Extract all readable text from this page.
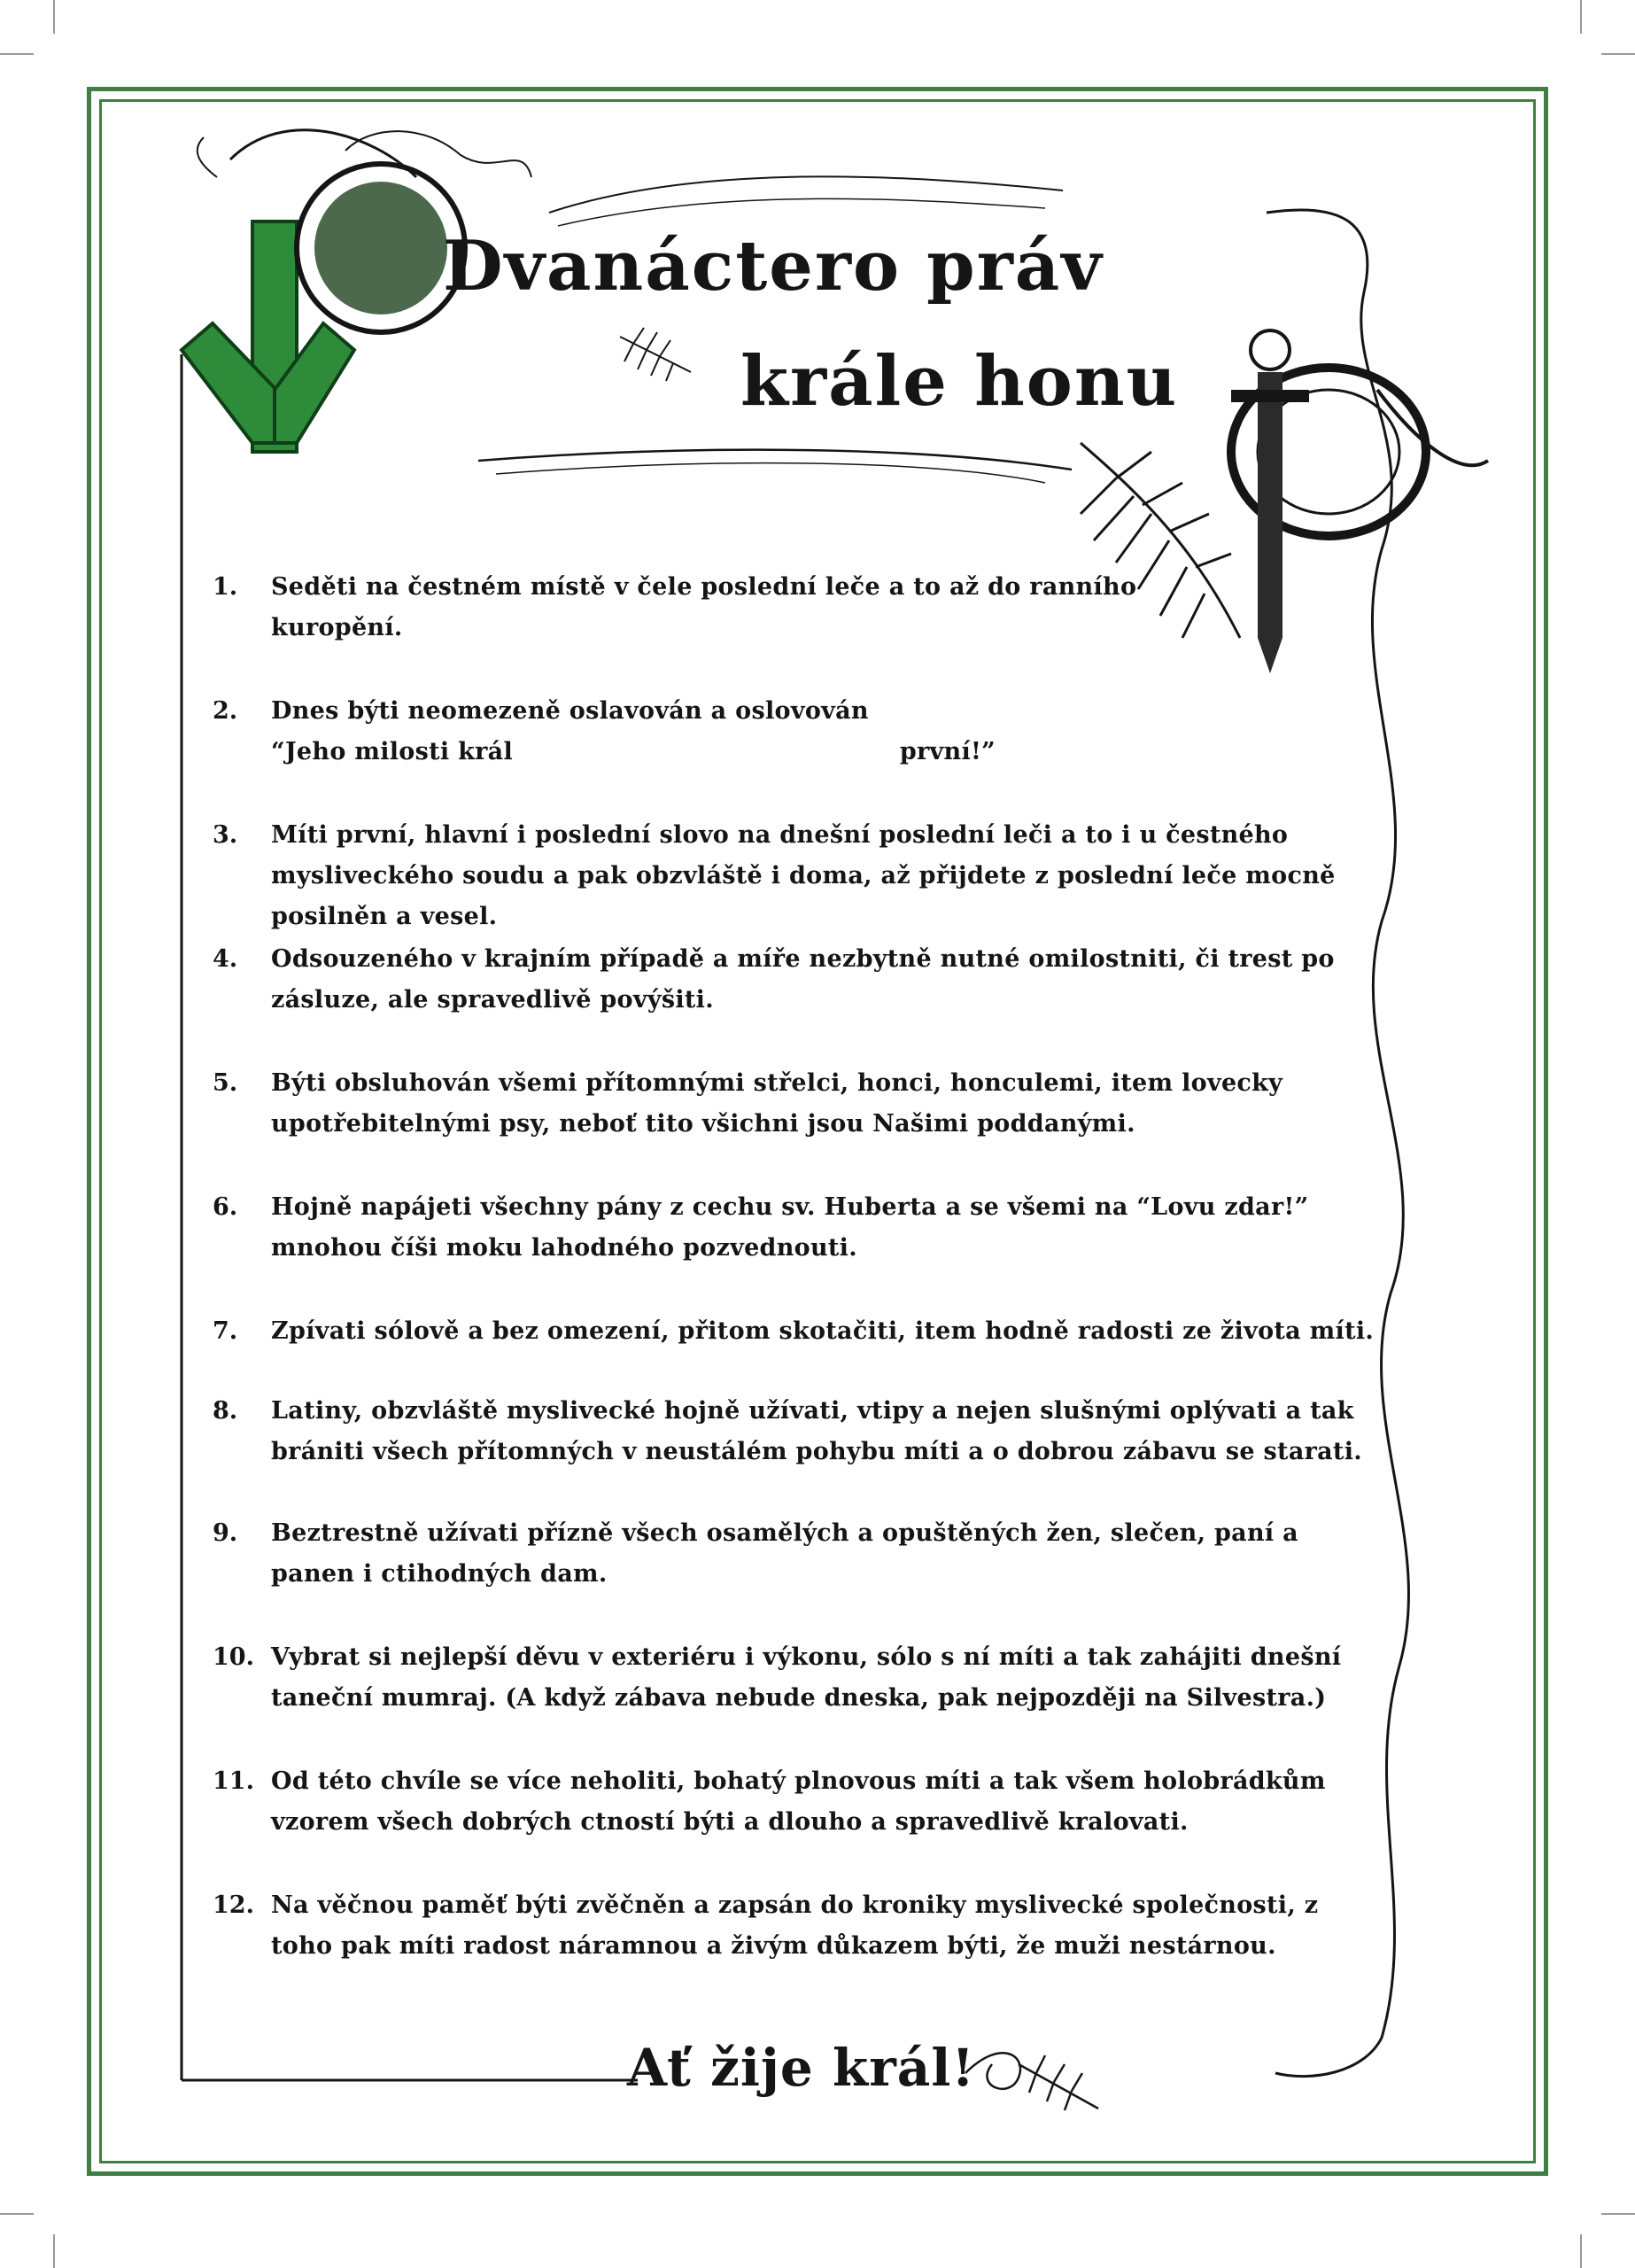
Dvanáctero práv
krále honu
1.	Seděti na čestném místě v čele poslední leče a to až do ranního kuropění.
2.	Dnes býti neomezeně oslavován a oslovován
“Jeho milosti král	první!”
3.	Míti první, hlavní i poslední slovo na dnešní poslední leči a to i u čestného mysliveckého soudu a pak obzvláště i doma, až přijdete z poslední leče mocně posilněn a vesel.
4.	Odsouzeného v krajním případě a míře nezbytně nutné omilostniti, či trest po zásluze, ale spravedlivě povýšiti.
5.	Býti obsluhován všemi přítomnými střelci, honci, honculemi, item lovecky upotřebitelnými psy, neboť tito všichni jsou Našimi poddanými.
6.	Hojně napájeti všechny pány z cechu sv. Huberta a se všemi na “Lovu zdar!” mnohou číši moku lahodného pozvednouti.
7.	Zpívati sólově a bez omezení, přitom skotačiti, item hodně radosti ze života míti.
8.	Latiny, obzvláště myslivecké hojně užívati, vtipy a nejen slušnými oplývati a tak brániti všech přítomných v neustálém pohybu míti a o dobrou zábavu se starati.
9.	Beztrestně užívati přízně všech osamělých a opuštěných žen, slečen, paní a panen i ctihodných dam.
10. Vybrat si nejlepší děvu v exteriéru i výkonu, sólo s ní míti a tak zahájiti dnešní taneční mumraj. (A když zábava nebude dneska, pak nejpozději na Silvestra.)
11. Od této chvíle se více neholiti, bohatý plnovous míti a tak všem holobrádkům vzorem všech dobrých ctností býti a dlouho a spravedlivě kralovati.
12. Na věčnou paměť býti zvěčněn a zapsán do kroniky myslivecké společnosti, z toho pak míti radost náramnou a živým důkazem býti, že muži nestárnou.

Ať žije král!
